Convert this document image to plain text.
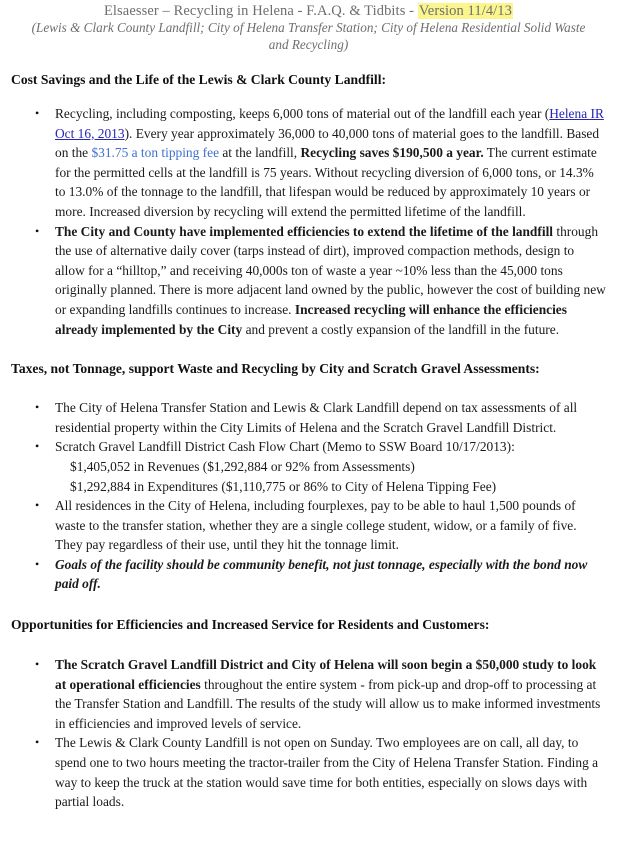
Elsaesser – Recycling in Helena - F.A.Q. & Tidbits - Version 11/4/13
(Lewis & Clark County Landfill; City of Helena Transfer Station; City of Helena Residential Solid Waste and Recycling)
Cost Savings and the Life of the Lewis & Clark County Landfill:
• Recycling, including composting, keeps 6,000 tons of material out of the landfill each year (Helena IR Oct 16, 2013). Every year approximately 36,000 to 40,000 tons of material goes to the landfill. Based on the $31.75 a ton tipping fee at the landfill, Recycling saves $190,500 a year. The current estimate for the permitted cells at the landfill is 75 years. Without recycling diversion of 6,000 tons, or 14.3% to 13.0% of the tonnage to the landfill, that lifespan would be reduced by approximately 10 years or more. Increased diversion by recycling will extend the permitted lifetime of the landfill.
• The City and County have implemented efficiencies to extend the lifetime of the landfill through the use of alternative daily cover (tarps instead of dirt), improved compaction methods, design to allow for a “hilltop,” and receiving 40,000s ton of waste a year ~10% less than the 45,000 tons originally planned. There is more adjacent land owned by the public, however the cost of building new or expanding landfills continues to increase. Increased recycling will enhance the efficiencies already implemented by the City and prevent a costly expansion of the landfill in the future.
Taxes, not Tonnage, support Waste and Recycling by City and Scratch Gravel Assessments:
• The City of Helena Transfer Station and Lewis & Clark Landfill depend on tax assessments of all residential property within the City Limits of Helena and the Scratch Gravel Landfill District.
• Scratch Gravel Landfill District Cash Flow Chart (Memo to SSW Board 10/17/2013):
$1,405,052 in Revenues ($1,292,884 or 92% from Assessments)
$1,292,884 in Expenditures ($1,110,775 or 86% to City of Helena Tipping Fee)
• All residences in the City of Helena, including fourplexes, pay to be able to haul 1,500 pounds of waste to the transfer station, whether they are a single college student, widow, or a family of five. They pay regardless of their use, until they hit the tonnage limit.
• Goals of the facility should be community benefit, not just tonnage, especially with the bond now paid off.
Opportunities for Efficiencies and Increased Service for Residents and Customers:
• The Scratch Gravel Landfill District and City of Helena will soon begin a $50,000 study to look at operational efficiencies throughout the entire system - from pick-up and drop-off to processing at the Transfer Station and Landfill. The results of the study will allow us to make informed investments in efficiencies and improved levels of service.
• The Lewis & Clark County Landfill is not open on Sunday. Two employees are on call, all day, to spend one to two hours meeting the tractor-trailer from the City of Helena Transfer Station. Finding a way to keep the truck at the station would save time for both entities, especially on slows days with partial loads.
